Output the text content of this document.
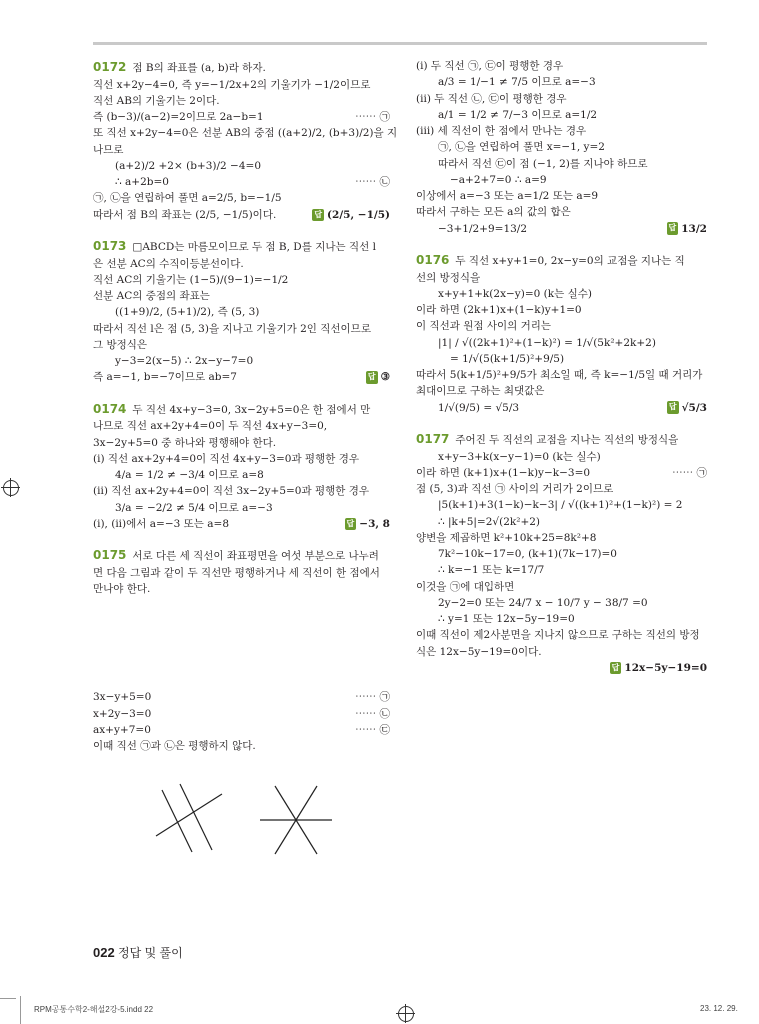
0172 점 B의 좌표를 (a, b)라 하자.
직선 x+2y−4=0, 즉 y=−1/2x+2의 기울기가 −1/2이므로
직선 AB의 기울기는 2이다.
즉 (b−3)/(a−2)=2이므로 2a−b=1	⋯⋯ ㉠
또 직선 x+2y−4=0은 선분 AB의 중점 ((a+2)/2, (b+3)/2)을 지
나므로
(a+2)/2 +2× (b+3)/2 −4=0
∴ a+2b=0	⋯⋯ ㉡
㉠, ㉡을 연립하여 풀면 a=2/5, b=−1/5
따라서 점 B의 좌표는 (2/5, −1/5)이다.	답 (2/5, −1/5)
0173 □ABCD는 마름모이므로 두 점 B, D를 지나는 직선 l
은 선분 AC의 수직이등분선이다.
직선 AC의 기울기는 (1−5)/(9−1)=−1/2
선분 AC의 중점의 좌표는
((1+9)/2, (5+1)/2), 즉 (5, 3)
따라서 직선 l은 점 (5, 3)을 지나고 기울기가 2인 직선이므로
그 방정식은
y−3=2(x−5) ∴ 2x−y−7=0
즉 a=−1, b=−7이므로 ab=7	답 ③
0174 두 직선 4x+y−3=0, 3x−2y+5=0은 한 점에서 만
나므로 직선 ax+2y+4=0이 두 직선 4x+y−3=0,
3x−2y+5=0 중 하나와 평행해야 한다.
(i) 직선 ax+2y+4=0이 직선 4x+y−3=0과 평행한 경우
4/a = 1/2 ≠ −3/4 이므로 a=8
(ii) 직선 ax+2y+4=0이 직선 3x−2y+5=0과 평행한 경우
3/a = −2/2 ≠ 5/4 이므로 a=−3
(i), (ii)에서 a=−3 또는 a=8	답 −3, 8
0175 서로 다른 세 직선이 좌표평면을 여섯 부분으로 나누려
면 다음 그림과 같이 두 직선만 평행하거나 세 직선이 한 점에서
만나야 한다.
3x−y+5=0	⋯⋯ ㉠
x+2y−3=0	⋯⋯ ㉡
ax+y+7=0	⋯⋯ ㉢
이때 직선 ㉠과 ㉡은 평행하지 않다.
(i) 두 직선 ㉠, ㉢이 평행한 경우
a/3 = 1/−1 ≠ 7/5 이므로 a=−3
(ii) 두 직선 ㉡, ㉢이 평행한 경우
a/1 = 1/2 ≠ 7/−3 이므로 a=1/2
(iii) 세 직선이 한 점에서 만나는 경우
㉠, ㉡을 연립하여 풀면 x=−1, y=2
따라서 직선 ㉢이 점 (−1, 2)를 지나야 하므로
−a+2+7=0 ∴ a=9
이상에서 a=−3 또는 a=1/2 또는 a=9
따라서 구하는 모든 a의 값의 합은
−3+1/2+9=13/2	답 13/2
0176 두 직선 x+y+1=0, 2x−y=0의 교점을 지나는 직
선의 방정식을
x+y+1+k(2x−y)=0 (k는 실수)
이라 하면 (2k+1)x+(1−k)y+1=0
이 직선과 원점 사이의 거리는
|1| / √((2k+1)²+(1−k)²) = 1/√(5k²+2k+2)
= 1/√(5(k+1/5)²+9/5)
따라서 5(k+1/5)²+9/5가 최소일 때, 즉 k=−1/5일 때 거리가
최대이므로 구하는 최댓값은
1/√(9/5) = √5/3	답 √5/3
0177 주어진 두 직선의 교점을 지나는 직선의 방정식을
x+y−3+k(x−y−1)=0 (k는 실수)
이라 하면 (k+1)x+(1−k)y−k−3=0	⋯⋯ ㉠
점 (5, 3)과 직선 ㉠ 사이의 거리가 2이므로
|5(k+1)+3(1−k)−k−3| / √((k+1)²+(1−k)²) = 2
∴ |k+5|=2√(2k²+2)
양변을 제곱하면 k²+10k+25=8k²+8
7k²−10k−17=0, (k+1)(7k−17)=0
∴ k=−1 또는 k=17/7
이것을 ㉠에 대입하면
2y−2=0 또는 24/7 x − 10/7 y − 38/7 =0
∴ y=1 또는 12x−5y−19=0
이때 직선이 제2사분면을 지나지 않으므로 구하는 직선의 방정
식은 12x−5y−19=0이다.
답 12x−5y−19=0
022 정답 및 풀이
RPM공통수학2-해설2강-5.indd 22	23. 12. 29.
